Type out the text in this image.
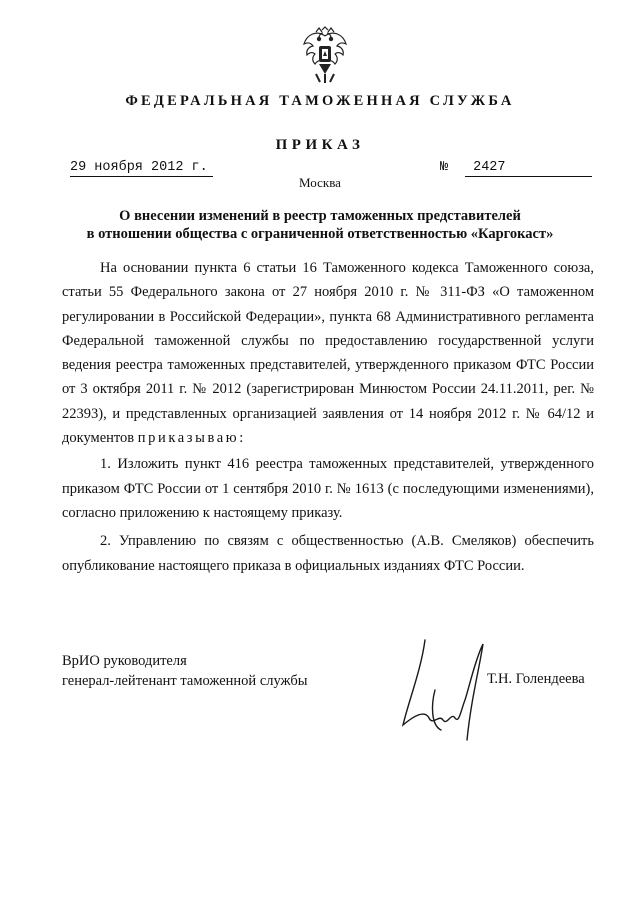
ФЕДЕРАЛЬНАЯ ТАМОЖЕННАЯ СЛУЖБА
ПРИКАЗ
29 ноября 2012 г.	№	2427
Москва
О внесении изменений в реестр таможенных представителей
в отношении общества с ограниченной ответственностью «Каргокаст»

На основании пункта 6 статьи 16 Таможенного кодекса Таможенного союза, статьи 55 Федерального закона от 27 ноября 2010 г. № 311-ФЗ «О таможенном регулировании в Российской Федерации», пункта 68 Административного регламента Федеральной таможенной службы по предоставлению государственной услуги ведения реестра таможенных представителей, утвержденного приказом ФТС России от 3 октября 2011 г. № 2012 (зарегистрирован Минюстом России 24.11.2011, рег. № 22393), и представленных организацией заявления от 14 ноября 2012 г. № 64/12 и документов приказываю:

1. Изложить пункт 416 реестра таможенных представителей, утвержденного приказом ФТС России от 1 сентября 2010 г. № 1613 (с последующими изменениями), согласно приложению к настоящему приказу.

2. Управлению по связям с общественностью (А.В. Смеляков) обеспечить опубликование настоящего приказа в официальных изданиях ФТС России.

ВрИО руководителя
генерал-лейтенант таможенной службы	Т.Н. Голендеева
